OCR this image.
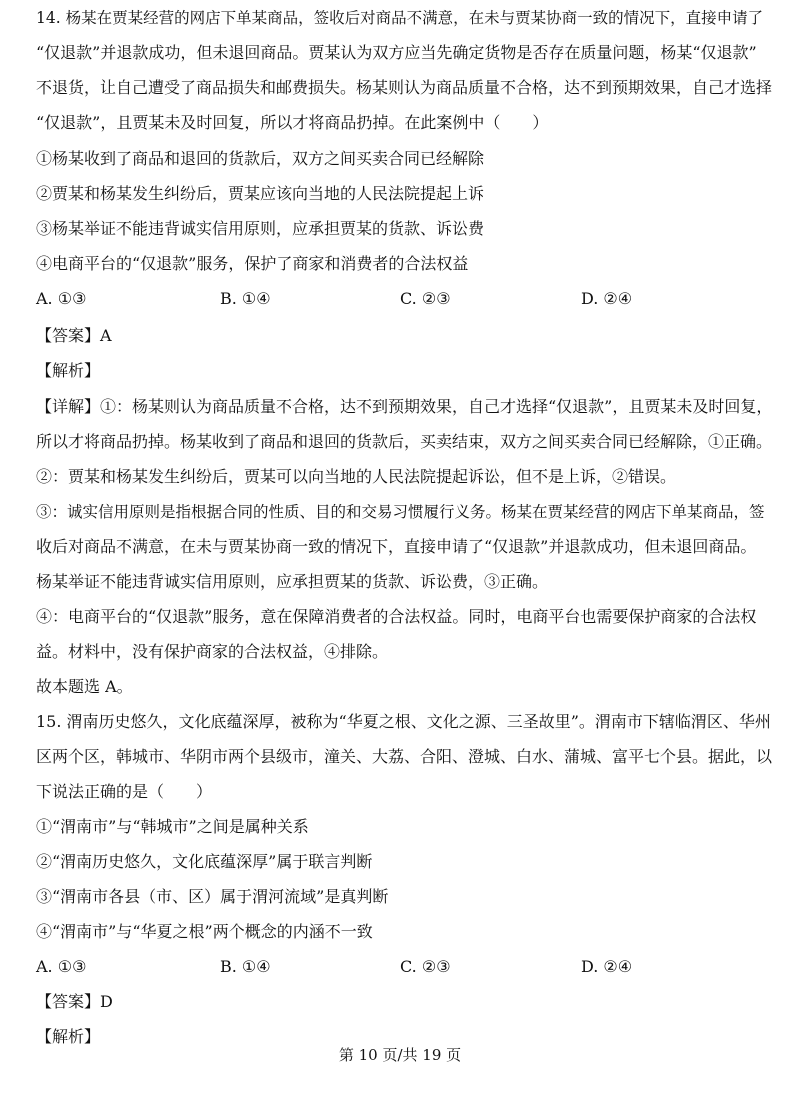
14. 杨某在贾某经营的网店下单某商品，签收后对商品不满意，在未与贾某协商一致的情况下，直接申请了
“仅退款”并退款成功，但未退回商品。贾某认为双方应当先确定货物是否存在质量问题，杨某“仅退款”
不退货，让自己遭受了商品损失和邮费损失。杨某则认为商品质量不合格，达不到预期效果，自己才选择
“仅退款”，且贾某未及时回复，所以才将商品扔掉。在此案例中（　　）
①杨某收到了商品和退回的货款后，双方之间买卖合同已经解除
②贾某和杨某发生纠纷后，贾某应该向当地的人民法院提起上诉
③杨某举证不能违背诚实信用原则，应承担贾某的货款、诉讼费
④电商平台的“仅退款”服务，保护了商家和消费者的合法权益
A. ①③	B. ①④	C. ②③	D. ②④
【答案】A
【解析】
【详解】①：杨某则认为商品质量不合格，达不到预期效果，自己才选择“仅退款”，且贾某未及时回复，
所以才将商品扔掉。杨某收到了商品和退回的货款后，买卖结束，双方之间买卖合同已经解除，①正确。
②：贾某和杨某发生纠纷后，贾某可以向当地的人民法院提起诉讼，但不是上诉，②错误。
③：诚实信用原则是指根据合同的性质、目的和交易习惯履行义务。杨某在贾某经营的网店下单某商品，签
收后对商品不满意，在未与贾某协商一致的情况下，直接申请了“仅退款”并退款成功，但未退回商品。
杨某举证不能违背诚实信用原则，应承担贾某的货款、诉讼费，③正确。
④：电商平台的“仅退款”服务，意在保障消费者的合法权益。同时，电商平台也需要保护商家的合法权
益。材料中，没有保护商家的合法权益，④排除。
故本题选 A。
15. 渭南历史悠久，文化底蕴深厚，被称为“华夏之根、文化之源、三圣故里”。渭南市下辖临渭区、华州
区两个区，韩城市、华阴市两个县级市，潼关、大荔、合阳、澄城、白水、蒲城、富平七个县。据此，以
下说法正确的是（　　）
①“渭南市”与“韩城市”之间是属种关系
②“渭南历史悠久，文化底蕴深厚”属于联言判断
③“渭南市各县（市、区）属于渭河流域”是真判断
④“渭南市”与“华夏之根”两个概念的内涵不一致
A. ①③	B. ①④	C. ②③	D. ②④
【答案】D
【解析】
第 10 页/共 19 页
